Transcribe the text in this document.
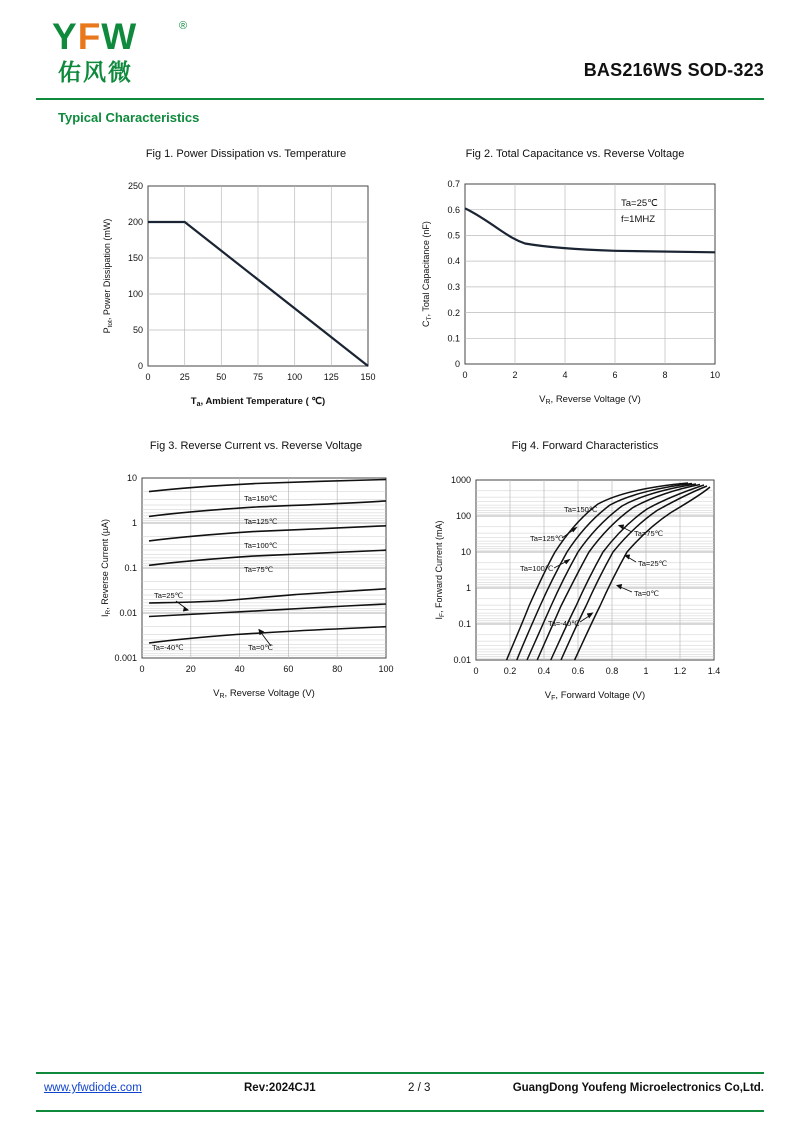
YFW	®
佑风微	BAS216WS SOD-323
Typical Characteristics
Fig 1. Power Dissipation vs. Temperature
250
200
150
100
50
0
0	25	50	75	100 125 150
$T_a$, Ambient Temperature ( ℃)
$P_{tot}$, Power Dissipation (mW)
Fig 2. Total Capacitance vs. Reverse Voltage
0.7
0.6
0.5
0.4
0.3
0.2
0.1
0
0	2	4	6	8	10
Ta=25℃
f=1MHZ
$V_R$, Reverse Voltage (V)
$C_T$, Total Capacitance (nF)
Fig 3. Reverse Current vs. Reverse Voltage
10
1
0.1
0.01
0.001
0	20	40	60	80	100
Ta=150℃
Ta=125℃
Ta=100℃
Ta=75℃
Ta=25℃
Ta=-40℃	Ta=0℃
$V_R$, Reverse Voltage (V)
$I_R$, Reverse Current (µA)
Fig 4. Forward Characteristics
1000
100
10
1
0.1
0.01
0	0.2 0.4 0.6 0.8	1	1.2 1.4
Ta=150℃
Ta=125℃
Ta=100℃
Ta=75℃
Ta=25℃
Ta=0℃
Ta=-40℃
$V_F$, Forward Voltage (V)
$I_F$, Forward Current (mA)
www.yfwdiode.com	Rev:2024CJ1	2 / 3	GuangDong Youfeng Microelectronics Co,Ltd.
